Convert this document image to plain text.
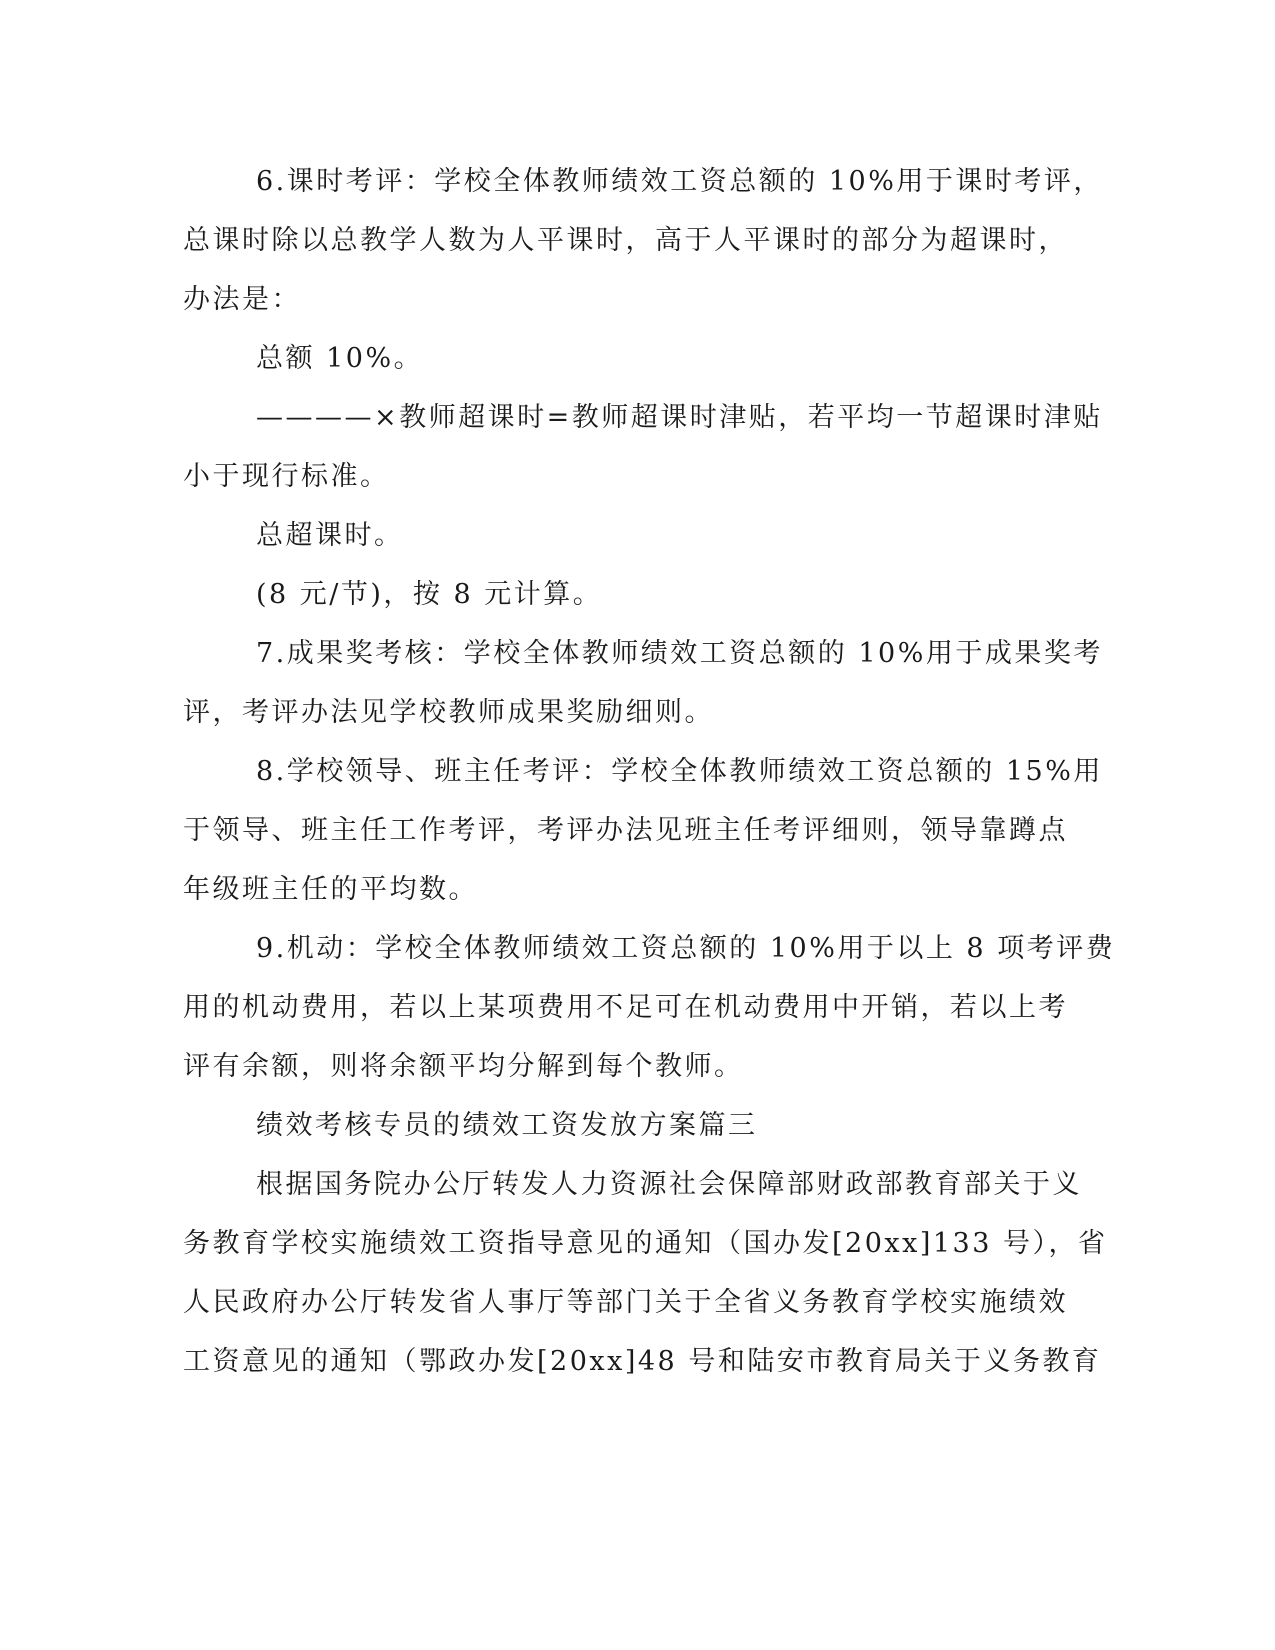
6.课时考评：学校全体教师绩效工资总额的 10%用于课时考评，
总课时除以总教学人数为人平课时，高于人平课时的部分为超课时，
办法是：
总额 10%。
————×教师超课时=教师超课时津贴，若平均一节超课时津贴
小于现行标准。
总超课时。
(8 元/节)，按 8 元计算。
7.成果奖考核：学校全体教师绩效工资总额的 10%用于成果奖考
评，考评办法见学校教师成果奖励细则。
8.学校领导、班主任考评：学校全体教师绩效工资总额的 15%用
于领导、班主任工作考评，考评办法见班主任考评细则，领导靠蹲点
年级班主任的平均数。
9.机动：学校全体教师绩效工资总额的 10%用于以上 8 项考评费
用的机动费用，若以上某项费用不足可在机动费用中开销，若以上考
评有余额，则将余额平均分解到每个教师。
绩效考核专员的绩效工资发放方案篇三
根据国务院办公厅转发人力资源社会保障部财政部教育部关于义
务教育学校实施绩效工资指导意见的通知（国办发[20xx]133 号），省
人民政府办公厅转发省人事厅等部门关于全省义务教育学校实施绩效
工资意见的通知（鄂政办发[20xx]48 号和陆安市教育局关于义务教育
